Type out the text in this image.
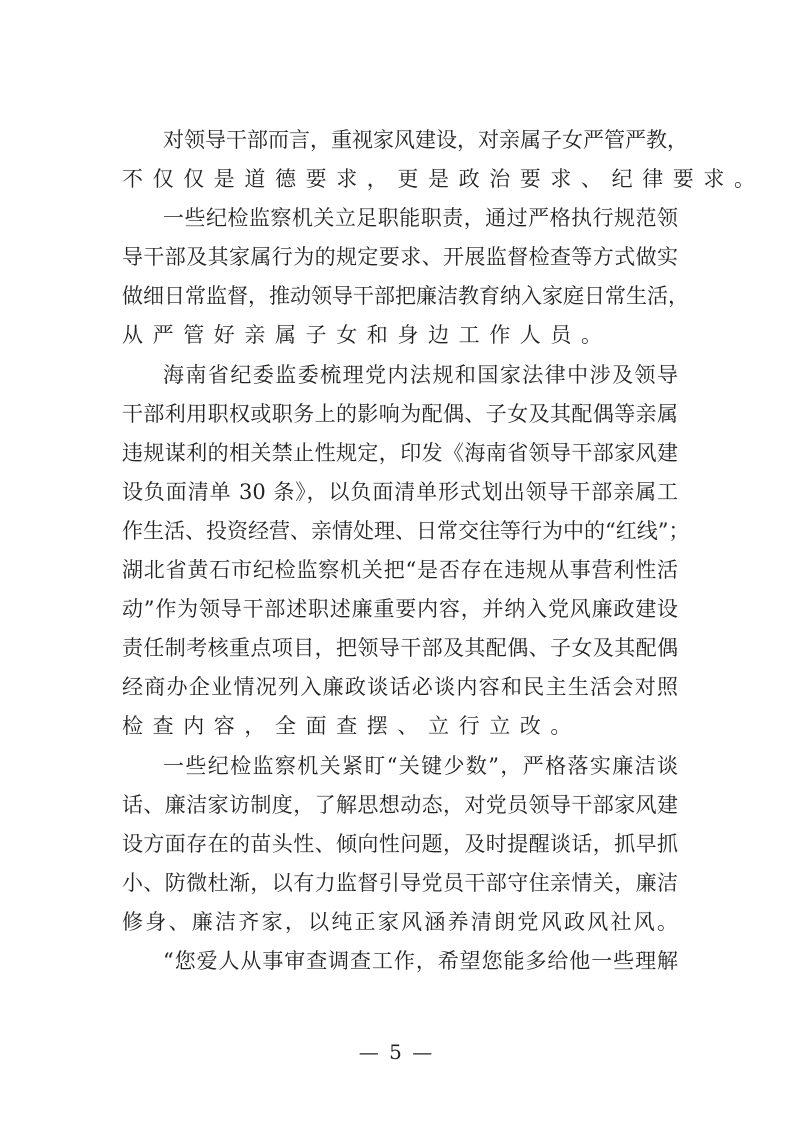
对领导干部而言，重视家风建设，对亲属子女严管严教，
不仅仅是道德要求，更是政治要求、纪律要求。
一些纪检监察机关立足职能职责，通过严格执行规范领
导干部及其家属行为的规定要求、开展监督检查等方式做实
做细日常监督，推动领导干部把廉洁教育纳入家庭日常生活，
从严管好亲属子女和身边工作人员。
海南省纪委监委梳理党内法规和国家法律中涉及领导
干部利用职权或职务上的影响为配偶、子女及其配偶等亲属
违规谋利的相关禁止性规定，印发《海南省领导干部家风建
设负面清单 30 条》，以负面清单形式划出领导干部亲属工
作生活、投资经营、亲情处理、日常交往等行为中的“红线”；
湖北省黄石市纪检监察机关把“是否存在违规从事营利性活
动”作为领导干部述职述廉重要内容，并纳入党风廉政建设
责任制考核重点项目，把领导干部及其配偶、子女及其配偶
经商办企业情况列入廉政谈话必谈内容和民主生活会对照
检查内容，全面查摆、立行立改。
一些纪检监察机关紧盯“关键少数”，严格落实廉洁谈
话、廉洁家访制度，了解思想动态，对党员领导干部家风建
设方面存在的苗头性、倾向性问题，及时提醒谈话，抓早抓
小、防微杜渐，以有力监督引导党员干部守住亲情关，廉洁
修身、廉洁齐家，以纯正家风涵养清朗党风政风社风。
“您爱人从事审查调查工作，希望您能多给他一些理解
— 5 —
